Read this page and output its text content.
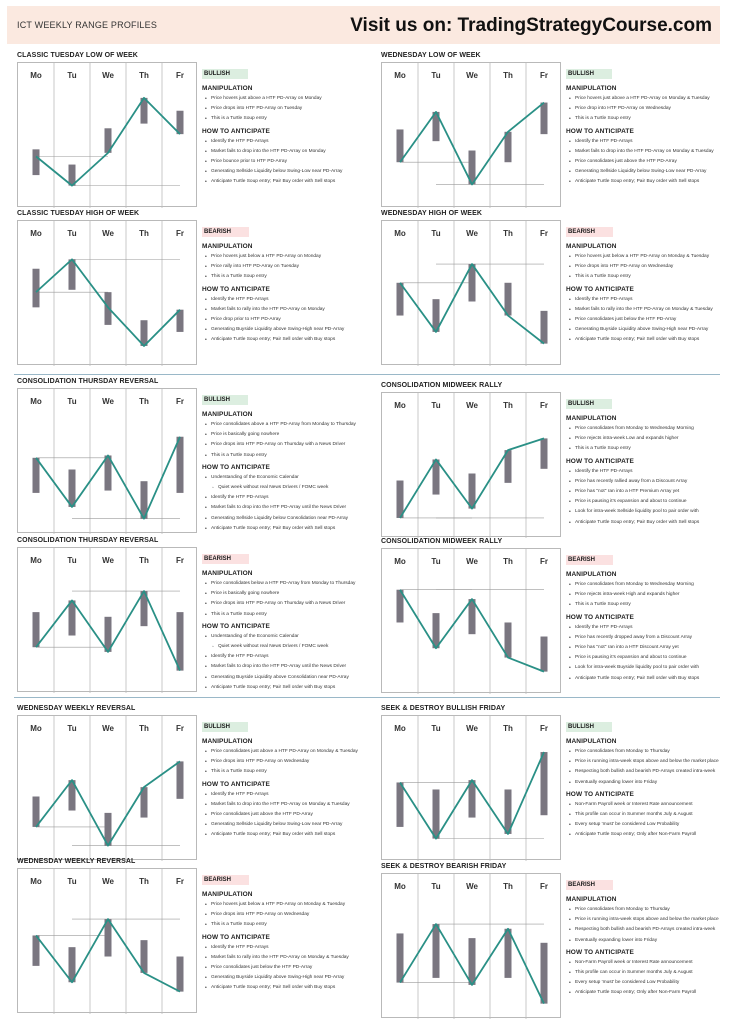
ICT WEEKLY RANGE PROFILES	Visit us on: TradingStrategyCourse.com
CLASSIC TUESDAY LOW OF WEEK
Mo	Tu	We	Th	Fr	BULLISH
MANIPULATION
• Price hovers just above a HTF PD-Array on Monday
• Price drops into HTF PD-Array on Tuesday
• This is a Turtle Soup entry
HOW TO ANTICIPATE
• Identify the HTF PD-Arrays
• Market fails to drop into the HTF PD-Array on Monday
• Price bounce prior to HTF PD-Array
• Generating Sellside Liquidity below Swing-Low near PD-Array
• Anticipate Turtle Soup entry; Pair Buy order with Sell stops
WEDNESDAY LOW OF WEEK
Mo	Tu	We	Th	Fr	BULLISH
MANIPULATION
• Price hovers just above a HTF PD-Array on Monday & Tuesday
• Price drop into HTF PD-Array on Wednesday
• This is a Turtle Soup entry
HOW TO ANTICIPATE
• Identify the HTF PD-Arrays
• Market fails to drop into the HTF PD-Array on Monday & Tuesday
• Price consolidates just above the HTF PD-Array
• Generating Sellside Liquidity below Swing-Low near PD-Array
• Anticipate Turtle Soup entry; Pair Buy order with Sell stops
CLASSIC TUESDAY HIGH OF WEEK
Mo	Tu	We	Th	Fr	BEARISH
MANIPULATION
• Price hovers just below a HTF PD-Array on Monday
• Price rally into HTF PD-Array on Tuesday
• This is a Turtle Soup entry
HOW TO ANTICIPATE
• Identify the HTF PD-Arrays
• Market fails to rally into the HTF PD-Array on Monday
• Price drop prior to HTF PD-Array
• Generating Buyside Liquidity above Swing-High near PD-Array
• Anticipate Turtle Soup entry; Pair Sell order with Buy stops
WEDNESDAY HIGH OF WEEK
Mo	Tu	We	Th	Fr	BEARISH
MANIPULATION
• Price hovers just below a HTF PD-Array on Monday & Tuesday
• Price drops into HTF PD-Array on Wednesday
• This is a Turtle Soup entry
HOW TO ANTICIPATE
• Identify the HTF PD-Arrays
• Market fails to rally into the HTF PD-Array on Monday & Tuesday
• Price consolidates just below the HTF PD-Array
• Generating Buyside Liquidity above Swing-High near PD-Array
• Anticipate Turtle Soup entry; Pair Sell order with Buy stops
CONSOLIDATION THURSDAY REVERSAL
Mo	Tu	We	Th	Fr	BULLISH
MANIPULATION
• Price consolidates above a HTF PD-Array from Monday to Thursday
• Price is basically going nowhere
• Price drops into HTF PD-Array on Thursday with a News Driver
• This is a Turtle Soup entry
HOW TO ANTICIPATE
• Understanding of the Economic Calendar
◦ Quiet week without real News Drivers / FOMC week
• Identify the HTF PD-Arrays
• Market fails to drop into the HTF PD-Array until the News Driver
• Generating Sellside Liquidity below Consolidation near PD-Array
• Anticipate Turtle Soup entry; Pair Buy order with Sell stops
CONSOLIDATION MIDWEEK RALLY
Mo	Tu	We	Th	Fr	BULLISH
MANIPULATION
• Price consolidates from Monday to Wednesday Morning
• Price rejects intra-week Low and expands higher
• This is a Turtle Soup entry
HOW TO ANTICIPATE
• Identify the HTF PD-Arrays
• Price has recently rallied away from a Discount Array
• Price has "not" ran into a HTF Premium Array yet
• Price is pausing it's expansion and about to continue
• Look for intra-week Sellside liquidity pool to pair order with
• Anticipate Turtle Soup entry; Pair Buy order with Sell stops
CONSOLIDATION THURSDAY REVERSAL
Mo	Tu	We	Th	Fr	BEARISH
MANIPULATION
• Price consolidates below a HTF PD-Array from Monday to Thursday
• Price is basically going nowhere
• Price drops into HTF PD-Array on Thursday with a News Driver
• This is a Turtle Soup entry
HOW TO ANTICIPATE
• Understanding of the Economic Calendar
◦ Quiet week without real News Drivers / FOMC week
• Identify the HTF PD-Arrays
• Market fails to drop into the HTF PD-Array until the News Driver
• Generating Buyside Liquidity above Consolidation near PD-Array
• Anticipate Turtle Soup entry; Pair Sell order with Buy stops
CONSOLIDATION MIDWEEK RALLY
Mo	Tu	We	Th	Fr	BEARISH
MANIPULATION
• Price consolidates from Monday to Wednesday Morning
• Price rejects intra-week High and expands higher
• This is a Turtle Soup entry
HOW TO ANTICIPATE
• Identify the HTF PD-Arrays
• Price has recently dropped away from a Discount Array
• Price has "not" ran into a HTF Discount Array yet
• Price is pausing it's expansion and about to continue
• Look for intra-week Buyside liquidity pool to pair order with
• Anticipate Turtle Soup entry; Pair Sell order with Buy stops
WEDNESDAY WEEKLY REVERSAL
Mo	Tu	We	Th	Fr	BULLISH
MANIPULATION
• Price consolidates just above a HTF PD-Array on Monday & Tuesday
• Price drops into HTF PD-Array on Wednesday
• This is a Turtle Soup entry
HOW TO ANTICIPATE
• Identify the HTF PD-Arrays
• Market fails to drop into the HTF PD-Array on Monday & Tuesday
• Price consolidates just above the HTF PD-Array
• Generating Sellside Liquidity below Swing-Low near PD-Array
• Anticipate Turtle Soup entry; Pair Buy order with Sell stops
SEEK & DESTROY BULLISH FRIDAY
Mo	Tu	We	Th	Fr	BULLISH
MANIPULATION
• Price consolidates from Monday to Thursday
• Price is running intra-week stops above and below the market place
• Respecting both bullish and bearish PD-Arrays created intra-week
• Eventually expanding lower into Friday
HOW TO ANTICIPATE
• Non-Farm Payroll week or Interest Rate announcement
• This profile can occur in Summer months July & August
• Every setup 'must' be considered Low Probability
• Anticipate Turtle Soup entry; Only after Non-Farm Payroll
WEDNESDAY WEEKLY REVERSAL
Mo	Tu	We	Th	Fr	BEARISH
MANIPULATION
• Price hovers just below a HTF PD-Array on Monday & Tuesday
• Price drops into HTF PD-Array on Wednesday
• This is a Turtle Soup entry
HOW TO ANTICIPATE
• Identify the HTF PD-Arrays
• Market fails to rally into the HTF PD-Array on Monday & Tuesday
• Price consolidates just below the HTF PD-Array
• Generating Buyside Liquidity above Swing-High near PD-Array
• Anticipate Turtle Soup entry; Pair Sell order with Buy stops
SEEK & DESTROY BEARISH FRIDAY
Mo	Tu	We	Th	Fr	BEARISH
MANIPULATION
• Price consolidates from Monday to Thursday
• Price is running intra-week stops above and below the market place
• Respecting both bullish and bearish PD-Arrays created intra-week
• Eventually expanding lower into Friday
HOW TO ANTICIPATE
• Non-Farm Payroll week or Interest Rate announcement
• This profile can occur in Summer months July & August
• Every setup 'must' be considered Low Probability
• Anticipate Turtle Soup entry; Only after Non-Farm Payroll
